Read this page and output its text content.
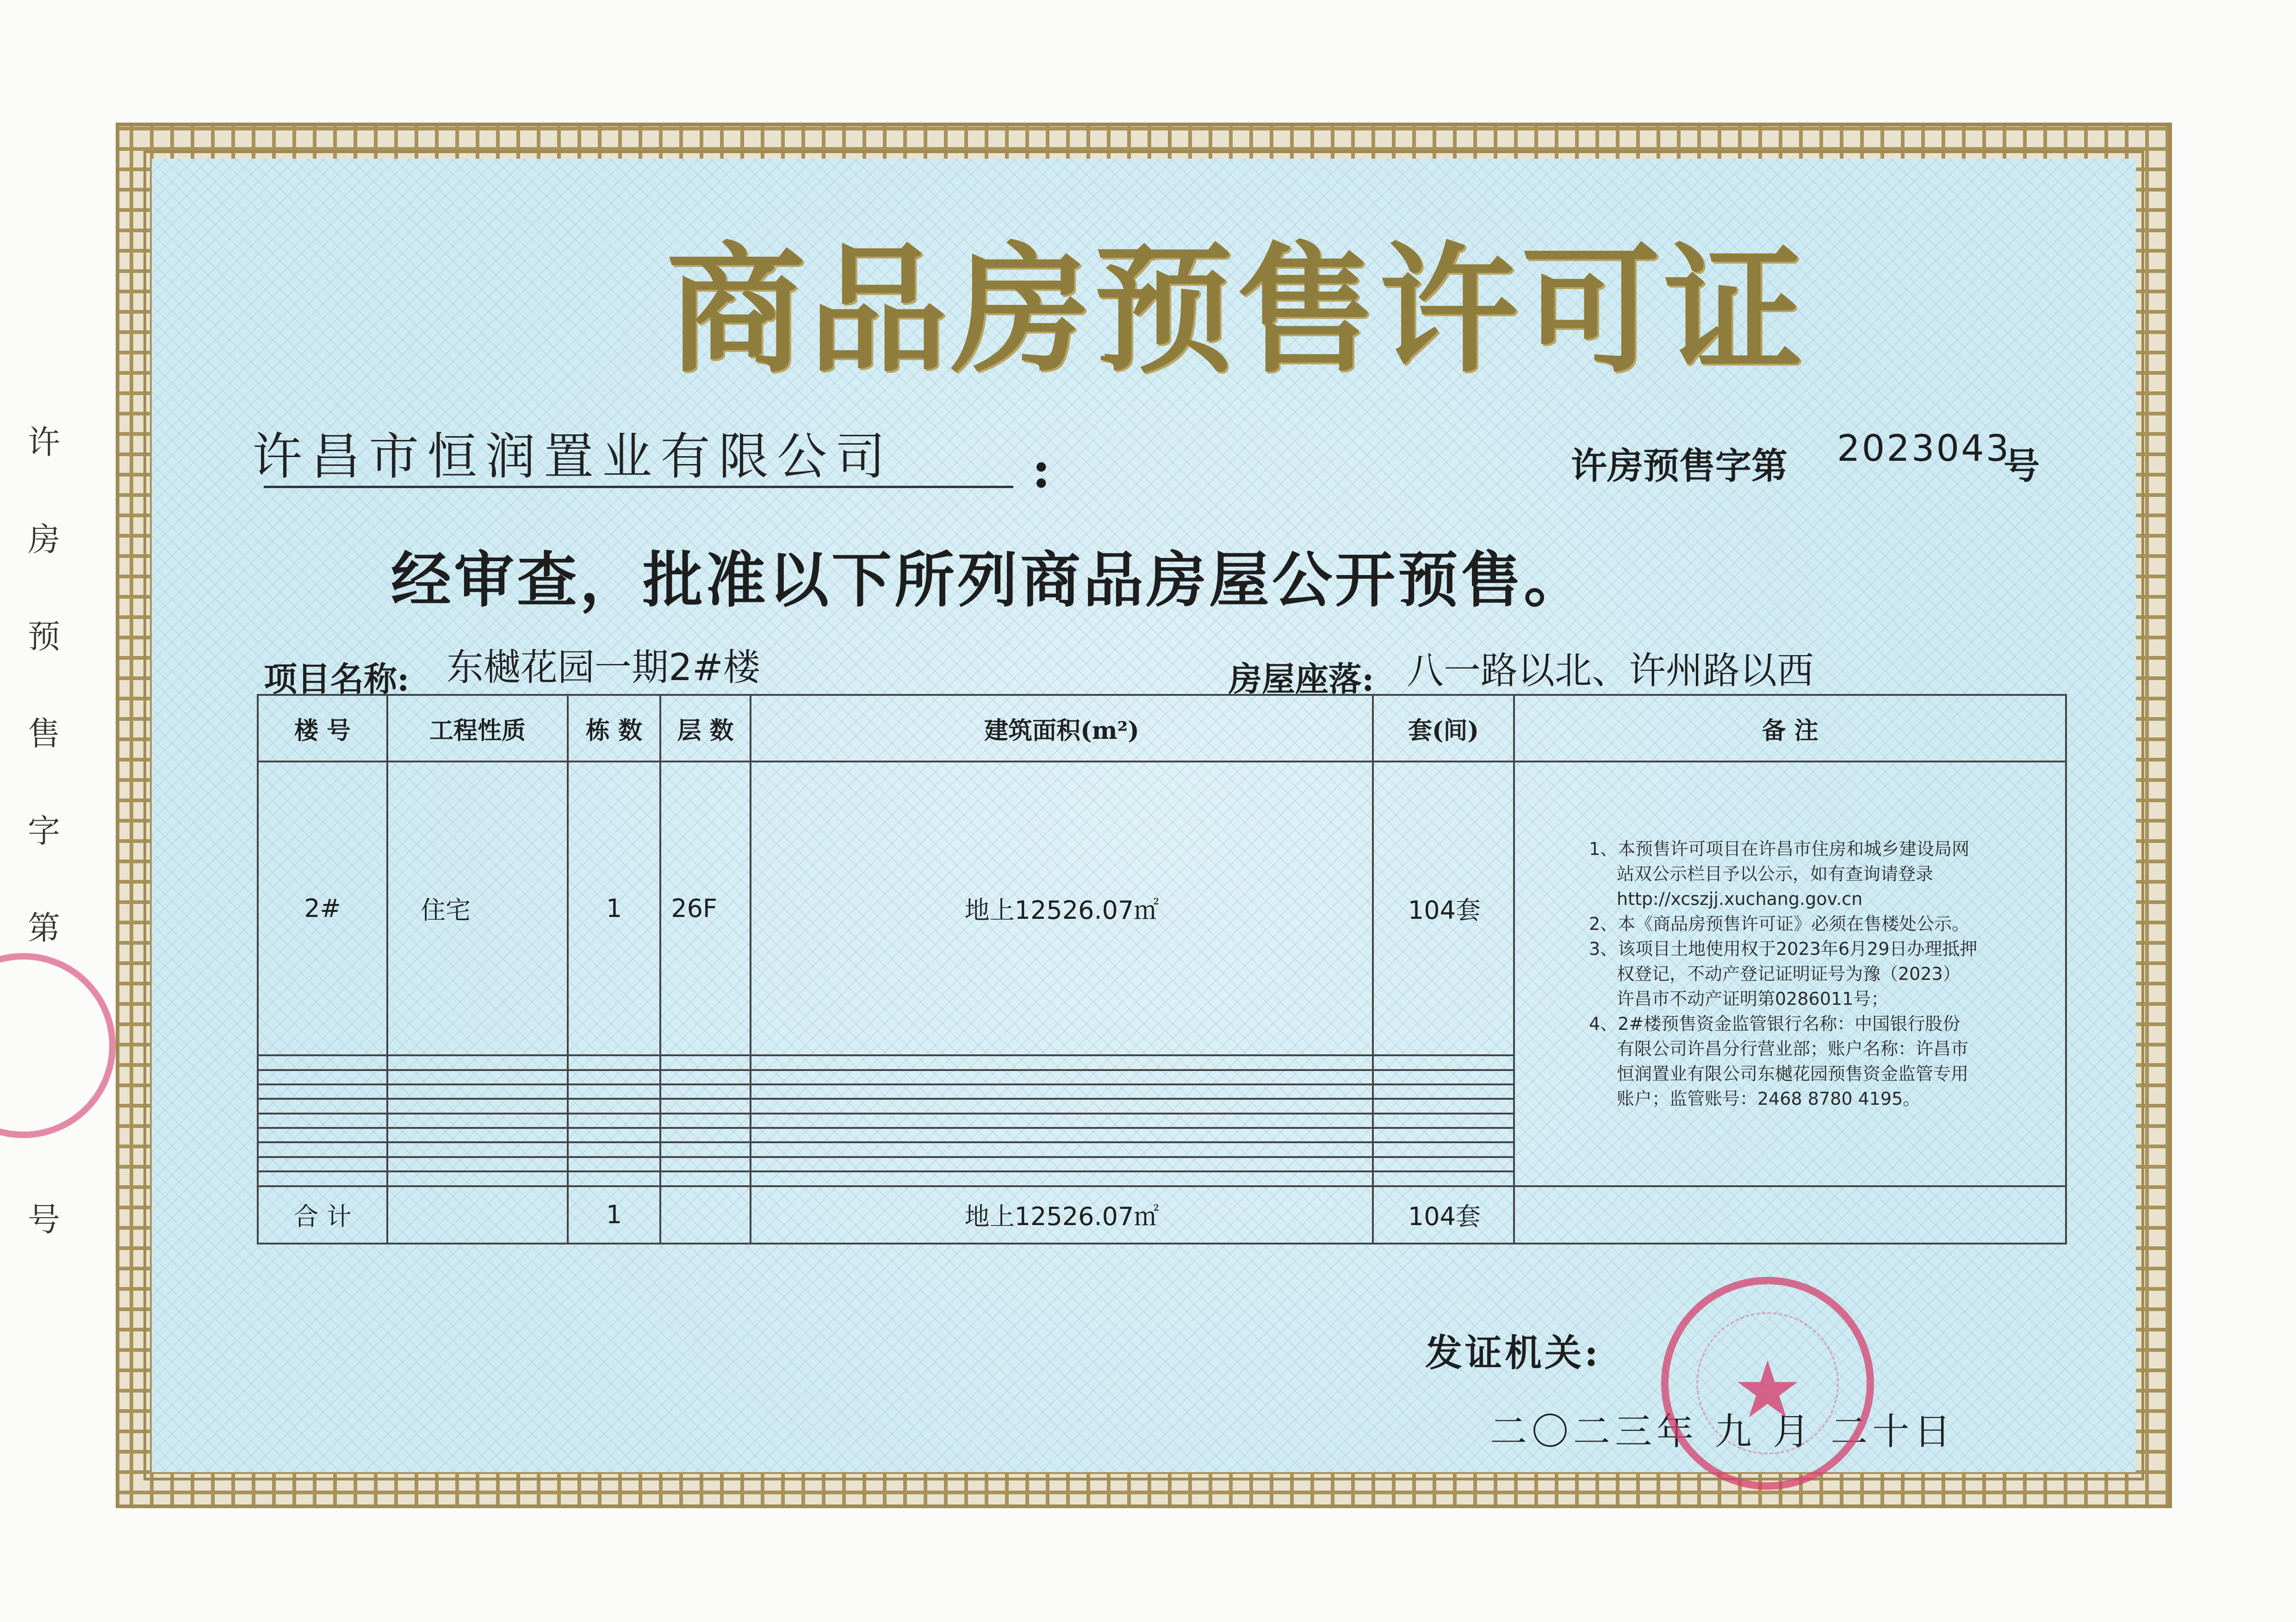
商品房预售许可证
许昌市恒润置业有限公司	:	许房预售字第 2023043
号
经审查，批准以下所列商品房屋公开预售。
项目名称: 东樾花园一期2#楼	房屋座落: 八一路以北、许州路以西
楼 号	工程性质	栋 数	层 数	建筑面积(m²)	套(间)	备 注
2#	住宅	1	26F	地上12526.07㎡	104套	1、本预售许可项目在许昌市住房和城乡建设局网站双公示栏目予以公示，如有查询请登录http://xcszjj.xuchang.gov.cn
2、本《商品房预售许可证》必须在售楼处公示。
3、该项目土地使用权于2023年6月29日办理抵押权登记，不动产登记证明证号为豫（2023）许昌市不动产证明第0286011号；
4、2#楼预售资金监管银行名称：中国银行股份有限公司许昌分行营业部；账户名称：许昌市恒润置业有限公司东樾花园预售资金监管专用账户；监管账号：2468 8780 4195。

合 计		1		地上12526.07㎡	104套	
发证机关:
二〇二三年 九 月 二十日
★
许
房
预
售
字
第
号
